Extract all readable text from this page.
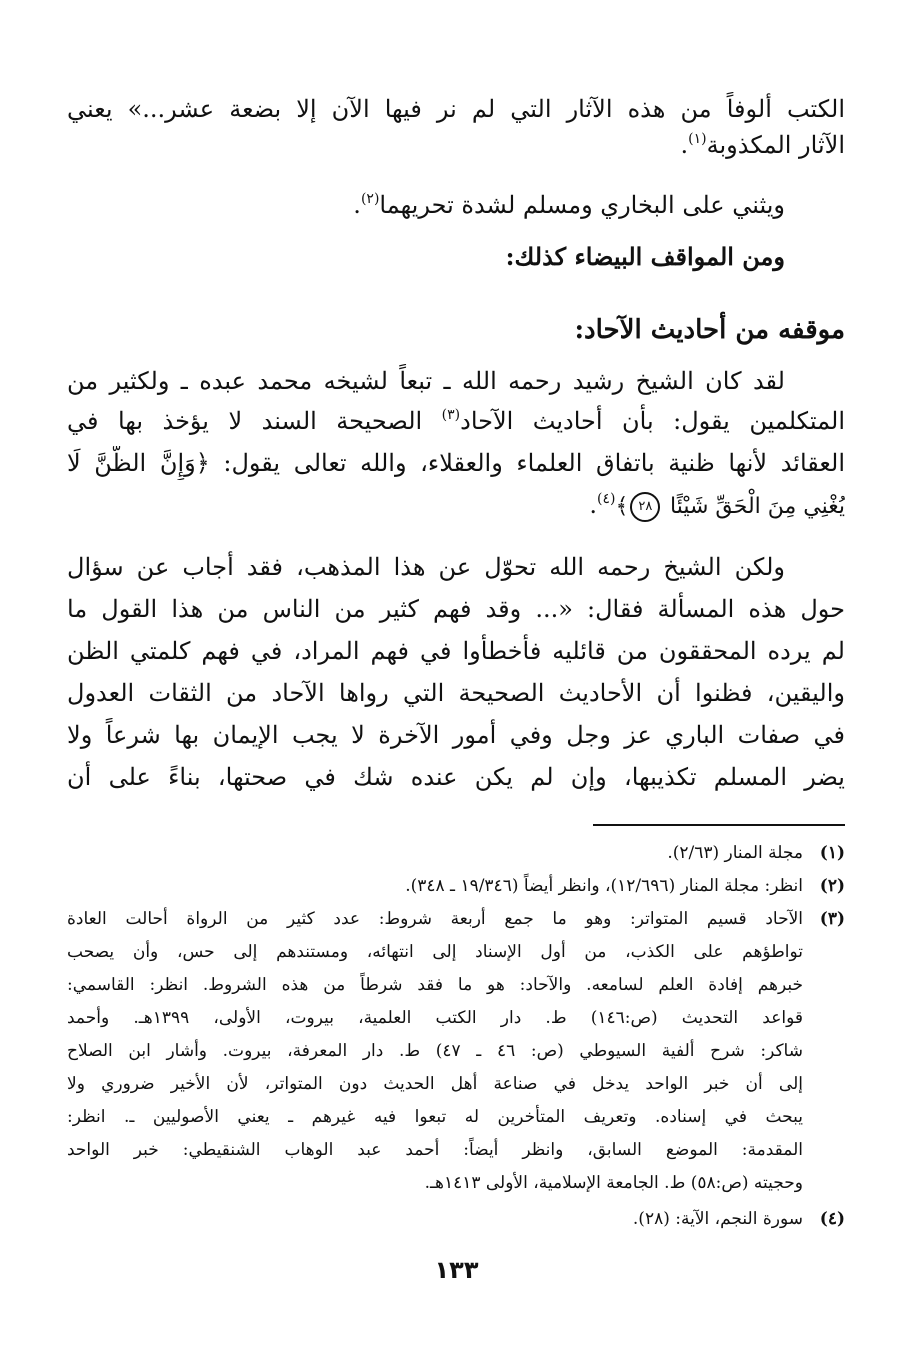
الكتب ألوفاً من هذه الآثار التي لم نر فيها الآن إلا بضعة عشر...» يعني
الآثار المكذوبة$^{(١)}$.
ويثني على البخاري ومسلم لشدة تحريهما$^{(٢)}$.
ومن المواقف البيضاء كذلك:
موقفه من أحاديث الآحاد:
لقد كان الشيخ رشيد رحمه الله ـ تبعاً لشيخه محمد عبده ـ ولكثير من
المتكلمين يقول: بأن أحاديث الآحاد$^{(٣)}$ الصحيحة السند لا يؤخذ بها في
العقائد لأنها ظنية باتفاق العلماء والعقلاء، والله تعالى يقول: ﴿وَإِنَّ الظَّنَّ لَا
يُغْنِي مِنَ الْحَقِّ شَيْئًا ٢٨﴾$^{(٤)}$.
ولكن الشيخ رحمه الله تحوّل عن هذا المذهب، فقد أجاب عن سؤال
حول هذه المسألة فقال: «... وقد فهم كثير من الناس من هذا القول ما
لم يرده المحققون من قائليه فأخطأوا في فهم المراد، في فهم كلمتي الظن
واليقين، فظنوا أن الأحاديث الصحيحة التي رواها الآحاد من الثقات العدول
في صفات الباري عز وجل وفي أمور الآخرة لا يجب الإيمان بها شرعاً ولا
يضر المسلم تكذيبها، وإن لم يكن عنده شك في صحتها، بناءً على أن
(١)
مجلة المنار (٢/٦٣).
(٢)
انظر: مجلة المنار (١٢/٦٩٦)، وانظر أيضاً (١٩/٣٤٦ ـ ٣٤٨).
(٣)
الآحاد قسيم المتواتر: وهو ما جمع أربعة شروط: عدد كثير من الرواة أحالت العادة
تواطؤهم على الكذب، من أول الإسناد إلى انتهائه، ومستندهم إلى حس، وأن يصحب
خبرهم إفادة العلم لسامعه. والآحاد: هو ما فقد شرطاً من هذه الشروط. انظر: القاسمي:
قواعد التحديث (ص:١٤٦) ط. دار الكتب العلمية، بيروت، الأولى، ١٣٩٩هـ. وأحمد
شاكر: شرح ألفية السيوطي (ص: ٤٦ ـ ٤٧) ط. دار المعرفة، بيروت. وأشار ابن الصلاح
إلى أن خبر الواحد يدخل في صناعة أهل الحديث دون المتواتر، لأن الأخير ضروري ولا
يبحث في إسناده. وتعريف المتأخرين له تبعوا فيه غيرهم ـ يعني الأصوليين ـ. انظر:
المقدمة: الموضع السابق، وانظر أيضاً: أحمد عبد الوهاب الشنقيطي: خبر الواحد
وحجيته (ص:٥٨) ط. الجامعة الإسلامية، الأولى ١٤١٣هـ.
(٤)
سورة النجم، الآية: (٢٨).
١٣٣
